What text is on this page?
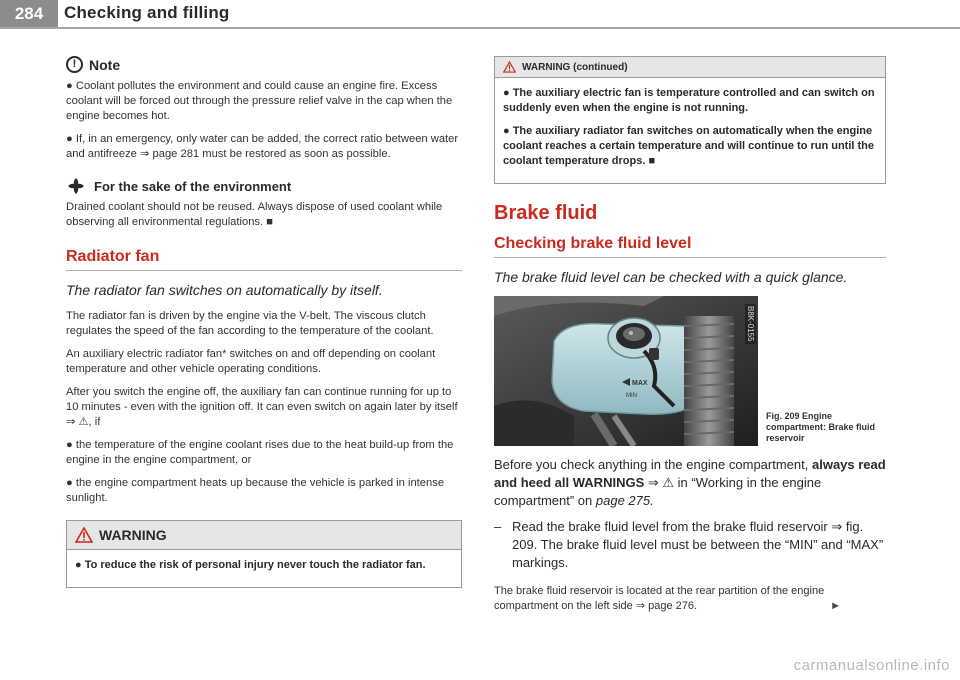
284	Checking and filling
! Note

● Coolant pollutes the environment and could cause an engine fire. Excess coolant will be forced out through the pressure relief valve in the cap when the engine becomes hot.

● If, in an emergency, only water can be added, the correct ratio between water and antifreeze ⇒ page 281 must be restored as soon as possible.

For the sake of the environment

Drained coolant should not be reused. Always dispose of used coolant while observing all environmental regulations. ■

Radiator fan
The radiator fan switches on automatically by itself.

The radiator fan is driven by the engine via the V-belt. The viscous clutch regulates the speed of the fan according to the temperature of the coolant.

An auxiliary electric radiator fan* switches on and off depending on coolant temperature and other vehicle operating conditions.

After you switch the engine off, the auxiliary fan can continue running for up to 10 minutes - even with the ignition off. It can even switch on again later by itself ⇒ ⚠, if

● the temperature of the engine coolant rises due to the heat build-up from the engine in the engine compartment, or

● the engine compartment heats up because the vehicle is parked in intense sunlight.

WARNING

● To reduce the risk of personal injury never touch the radiator fan.

WARNING (continued)

● The auxiliary electric fan is temperature controlled and can switch on suddenly even when the engine is not running.

● The auxiliary radiator fan switches on automatically when the engine coolant reaches a certain temperature and will continue to run until the coolant temperature drops. ■

Brake fluid
Checking brake fluid level
The brake fluid level can be checked with a quick glance.
MAX
MIN
B8K-0155
Fig. 209 Engine compartment: Brake fluid reservoir

Before you check anything in the engine compartment, always read and heed all WARNINGS ⇒ ⚠ in “Working in the engine compartment” on page 275.

– Read the brake fluid level from the brake fluid reservoir ⇒ fig. 209. The brake fluid level must be between the “MIN” and “MAX” markings.

The brake fluid reservoir is located at the rear partition of the engine compartment on the left side ⇒ page 276.	►

carmanualsonline.info
